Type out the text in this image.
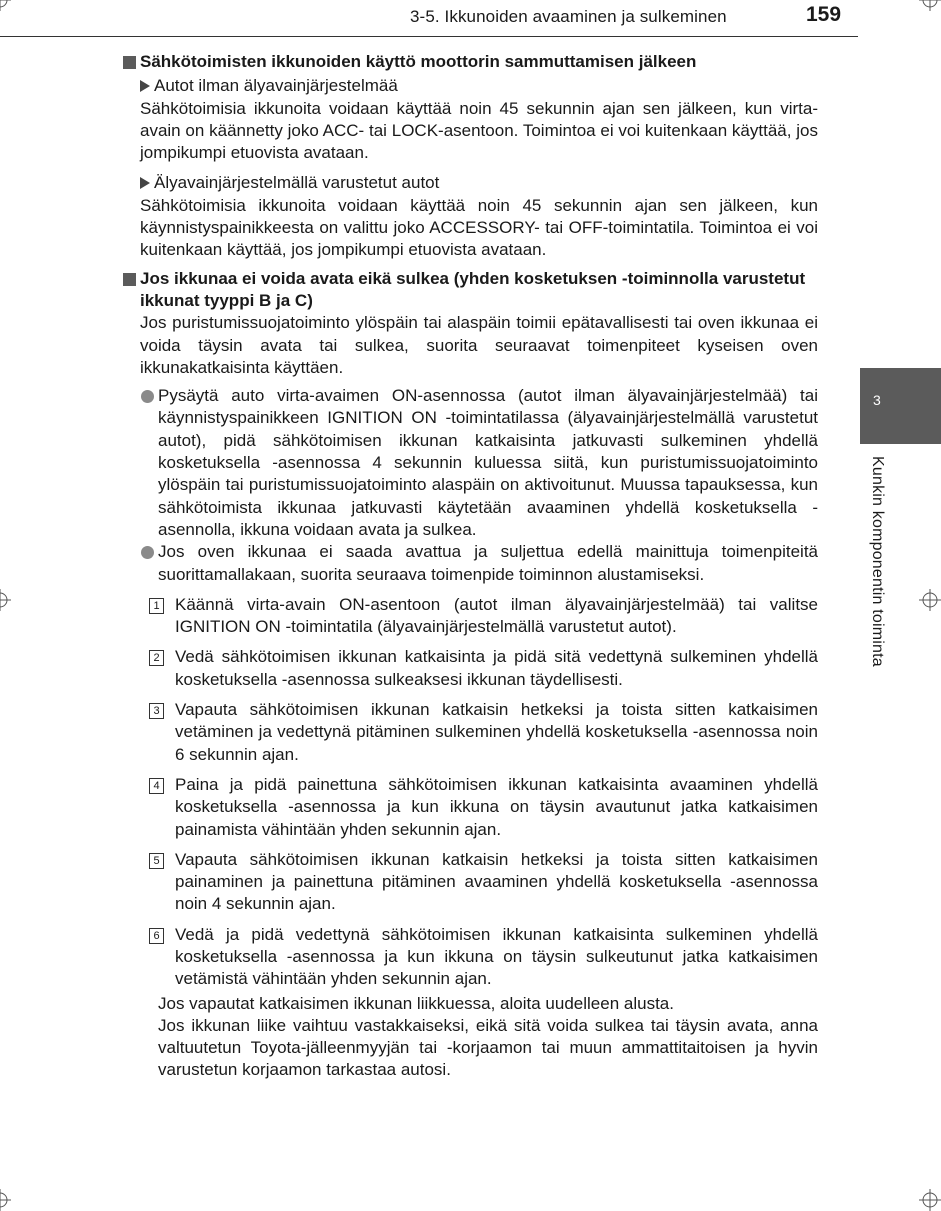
3-5. Ikkunoiden avaaminen ja sulkeminen	159
3
Kunkin komponentin toiminta
Sähkötoimisten ikkunoiden käyttö moottorin sammuttamisen jälkeen
Autot ilman älyavainjärjestelmää
Sähkötoimisia ikkunoita voidaan käyttää noin 45 sekunnin ajan sen jälkeen, kun virta-avain on käännetty joko ACC- tai LOCK-asentoon. Toimintoa ei voi kuitenkaan käyttää, jos jompikumpi etuovista avataan.
Älyavainjärjestelmällä varustetut autot
Sähkötoimisia ikkunoita voidaan käyttää noin 45 sekunnin ajan sen jälkeen, kun käynnistyspainikkeesta on valittu joko ACCESSORY- tai OFF-toimintatila. Toimintoa ei voi kuitenkaan käyttää, jos jompikumpi etuovista avataan.
Jos ikkunaa ei voida avata eikä sulkea (yhden kosketuksen -toiminnolla varustetut ikkunat tyyppi B ja C)
Jos puristumissuojatoiminto ylöspäin tai alaspäin toimii epätavallisesti tai oven ikkunaa ei voida täysin avata tai sulkea, suorita seuraavat toimenpiteet kyseisen oven ikkunakatkaisinta käyttäen.
Pysäytä auto virta-avaimen ON-asennossa (autot ilman älyavainjärjestelmää) tai käynnistyspainikkeen IGNITION ON -toimintatilassa (älyavainjärjestelmällä varustetut autot), pidä sähkötoimisen ikkunan katkaisinta jatkuvasti sulkeminen yhdellä kosketuksella -asennossa 4 sekunnin kuluessa siitä, kun puristumissuojatoiminto ylöspäin tai puristumissuojatoiminto alaspäin on aktivoitunut. Muussa tapauksessa, kun sähkötoimista ikkunaa jatkuvasti käytetään avaaminen yhdellä kosketuksella -asennolla, ikkuna voidaan avata ja sulkea.
Jos oven ikkunaa ei saada avattua ja suljettua edellä mainittuja toimenpiteitä suorittamallakaan, suorita seuraava toimenpide toiminnon alustamiseksi.
1 Käännä virta-avain ON-asentoon (autot ilman älyavainjärjestelmää) tai valitse IGNITION ON -toimintatila (älyavainjärjestelmällä varustetut autot).
2 Vedä sähkötoimisen ikkunan katkaisinta ja pidä sitä vedettynä sulkeminen yhdellä kosketuksella -asennossa sulkeaksesi ikkunan täydellisesti.
3 Vapauta sähkötoimisen ikkunan katkaisin hetkeksi ja toista sitten katkaisimen vetäminen ja vedettynä pitäminen sulkeminen yhdellä kosketuksella -asennossa noin 6 sekunnin ajan.
4 Paina ja pidä painettuna sähkötoimisen ikkunan katkaisinta avaaminen yhdellä kosketuksella -asennossa ja kun ikkuna on täysin avautunut jatka katkaisimen painamista vähintään yhden sekunnin ajan.
5 Vapauta sähkötoimisen ikkunan katkaisin hetkeksi ja toista sitten katkaisimen painaminen ja painettuna pitäminen avaaminen yhdellä kosketuksella -asennossa noin 4 sekunnin ajan.
6 Vedä ja pidä vedettynä sähkötoimisen ikkunan katkaisinta sulkeminen yhdellä kosketuksella -asennossa ja kun ikkuna on täysin sulkeutunut jatka katkaisimen vetämistä vähintään yhden sekunnin ajan.
Jos vapautat katkaisimen ikkunan liikkuessa, aloita uudelleen alusta.
Jos ikkunan liike vaihtuu vastakkaiseksi, eikä sitä voida sulkea tai täysin avata, anna valtuutetun Toyota-jälleenmyyjän tai -korjaamon tai muun ammattitaitoisen ja hyvin varustetun korjaamon tarkastaa autosi.
